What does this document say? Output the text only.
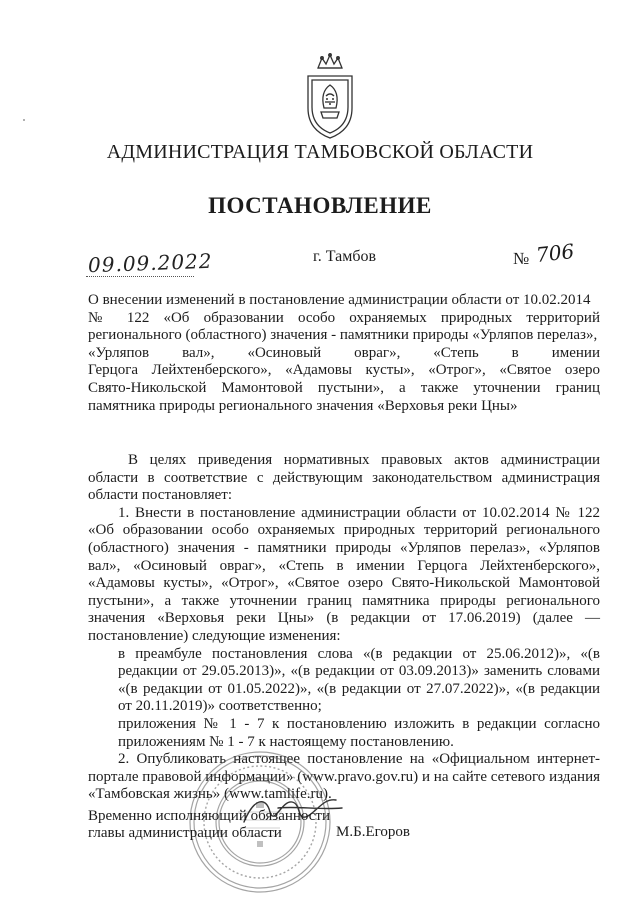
АДМИНИСТРАЦИЯ ТАМБОВСКОЙ ОБЛАСТИ
ПОСТАНОВЛЕНИЕ
09.09.2022	г. Тамбов	№ 706
О внесении изменений в постановление администрации области от 10.02.2014
№ 122 «Об образовании особо охраняемых природных территорий
регионального (областного) значения - памятники природы «Урляпов перелаз»,
«Урляпов вал», «Осиновый овраг», «Степь в имении
Герцога Лейхтенберского», «Адамовы кусты», «Отрог», «Святое озеро
Свято-Никольской Мамонтовой пустыни», а также уточнении границ
памятника природы регионального значения «Верховья реки Цны»

В целях приведения нормативных правовых актов администрации области в соответствие с действующим законодательством администрация области постановляет:

1. Внести в постановление администрации области от 10.02.2014 № 122 «Об образовании особо охраняемых природных территорий регионального (областного) значения - памятники природы «Урляпов перелаз», «Урляпов вал», «Осиновый овраг», «Степь в имении Герцога Лейхтенберского», «Адамовы кусты», «Отрог», «Святое озеро Свято-Никольской Мамонтовой пустыни», а также уточнении границ памятника природы регионального значения «Верховья реки Цны» (в редакции от 17.06.2019) (далее — постановление) следующие изменения:

в преамбуле постановления слова «(в редакции от 25.06.2012)», «(в редакции от 29.05.2013)», «(в редакции от 03.09.2013)» заменить словами «(в редакции от 01.05.2022)», «(в редакции от 27.07.2022)», «(в редакции от 20.11.2019)» соответственно;

приложения № 1 - 7 к постановлению изложить в редакции согласно приложениям № 1 - 7 к настоящему постановлению.

2. Опубликовать настоящее постановление на «Официальном интернет-портале правовой информации» (www.pravo.gov.ru) и на сайте сетевого издания «Тамбовская жизнь» (www.tamlife.ru).

Временно исполняющий обязанности
главы администрации области	М.Б.Егоров
